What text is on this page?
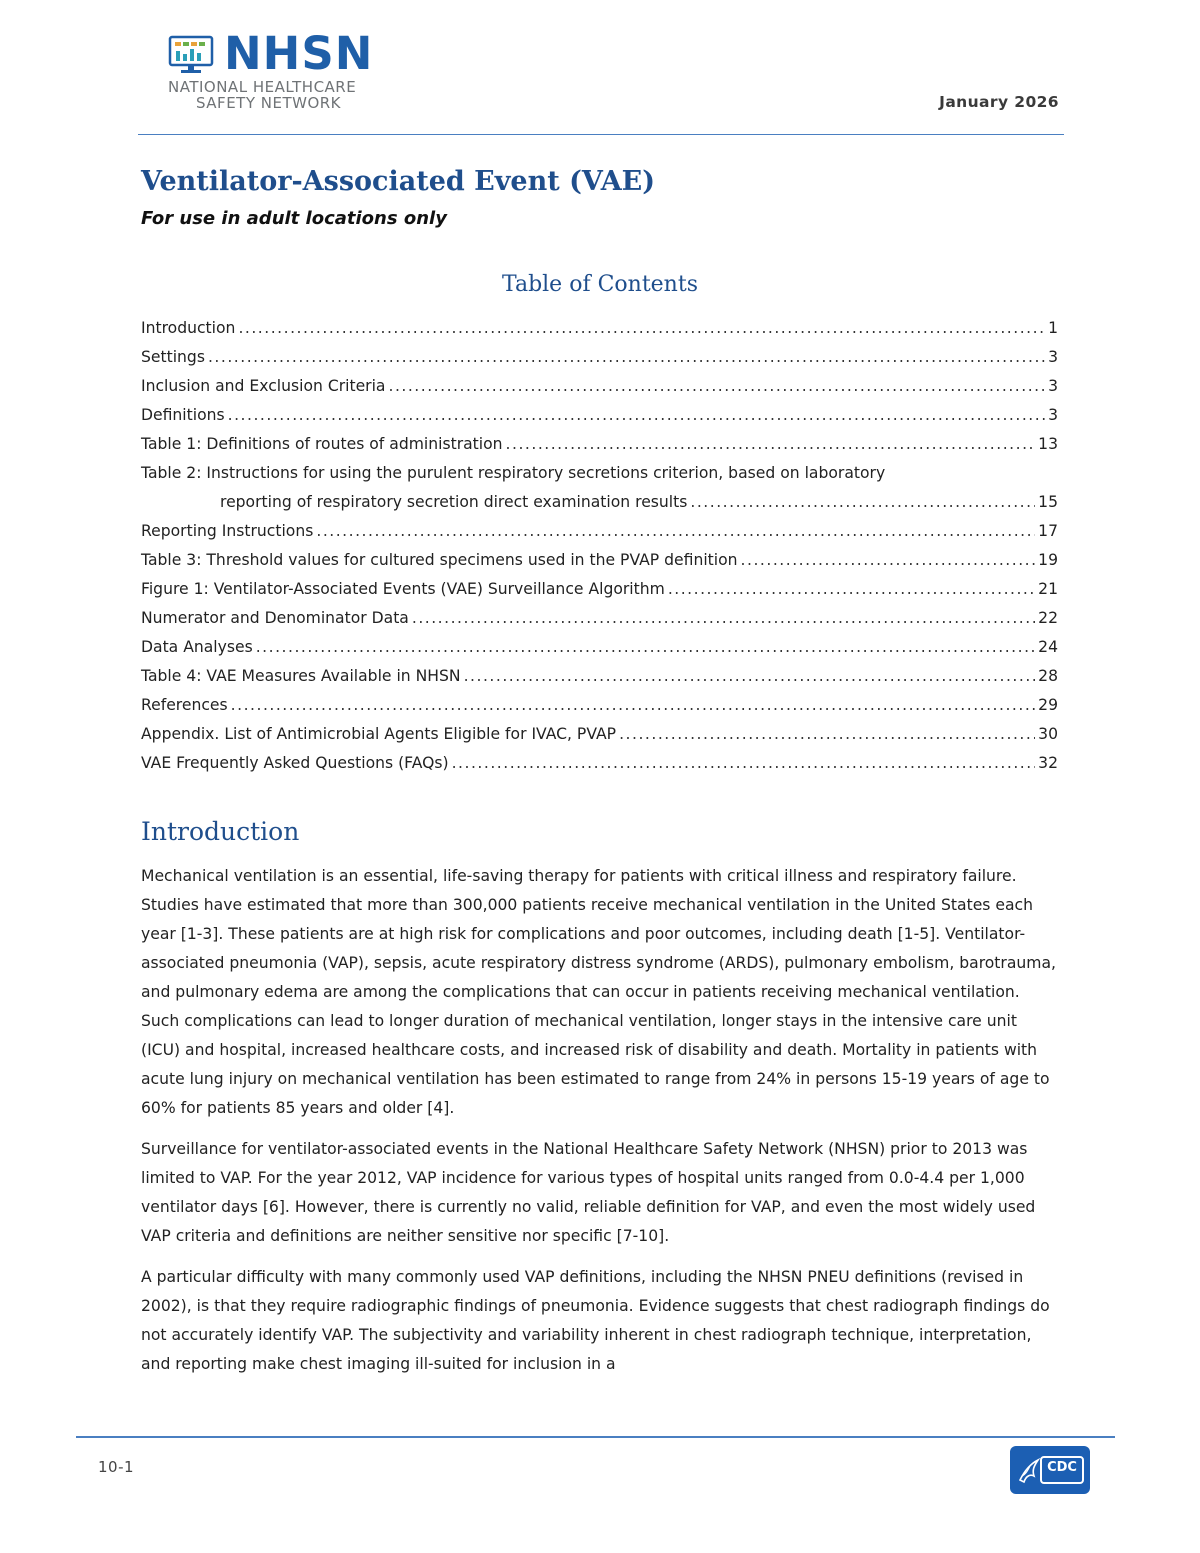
NHSN
NATIONAL HEALTHCARE
SAFETY NETWORK	January 2026
Ventilator-Associated Event (VAE)
For use in adult locations only
Table of Contents
Introduction .....	1
Settings .....	3
Inclusion and Exclusion Criteria .....	3
Definitions .....	3
Table 1: Definitions of routes of administration .....	13
Table 2: Instructions for using the purulent respiratory secretions criterion, based on laboratory
reporting of respiratory secretion direct examination results .....	15
Reporting Instructions .....	17
Table 3: Threshold values for cultured specimens used in the PVAP definition .....	19
Figure 1: Ventilator-Associated Events (VAE) Surveillance Algorithm .....	21
Numerator and Denominator Data .....	22
Data Analyses .....	24
Table 4: VAE Measures Available in NHSN .....	28
References .....	29
Appendix. List of Antimicrobial Agents Eligible for IVAC, PVAP .....	30
VAE Frequently Asked Questions (FAQs) .....	32
Introduction

Mechanical ventilation is an essential, life-saving therapy for patients with critical illness and respiratory failure. Studies have estimated that more than 300,000 patients receive mechanical ventilation in the United States each year [1-3]. These patients are at high risk for complications and poor outcomes, including death [1-5]. Ventilator-associated pneumonia (VAP), sepsis, acute respiratory distress syndrome (ARDS), pulmonary embolism, barotrauma, and pulmonary edema are among the complications that can occur in patients receiving mechanical ventilation. Such complications can lead to longer duration of mechanical ventilation, longer stays in the intensive care unit (ICU) and hospital, increased healthcare costs, and increased risk of disability and death. Mortality in patients with acute lung injury on mechanical ventilation has been estimated to range from 24% in persons 15-19 years of age to 60% for patients 85 years and older [4].

Surveillance for ventilator-associated events in the National Healthcare Safety Network (NHSN) prior to 2013 was limited to VAP. For the year 2012, VAP incidence for various types of hospital units ranged from 0.0-4.4 per 1,000 ventilator days [6]. However, there is currently no valid, reliable definition for VAP, and even the most widely used VAP criteria and definitions are neither sensitive nor specific [7-10].

A particular difficulty with many commonly used VAP definitions, including the NHSN PNEU definitions (revised in 2002), is that they require radiographic findings of pneumonia. Evidence suggests that chest radiograph findings do not accurately identify VAP. The subjectivity and variability inherent in chest radiograph technique, interpretation, and reporting make chest imaging ill-suited for inclusion in a

10-1	CDC
